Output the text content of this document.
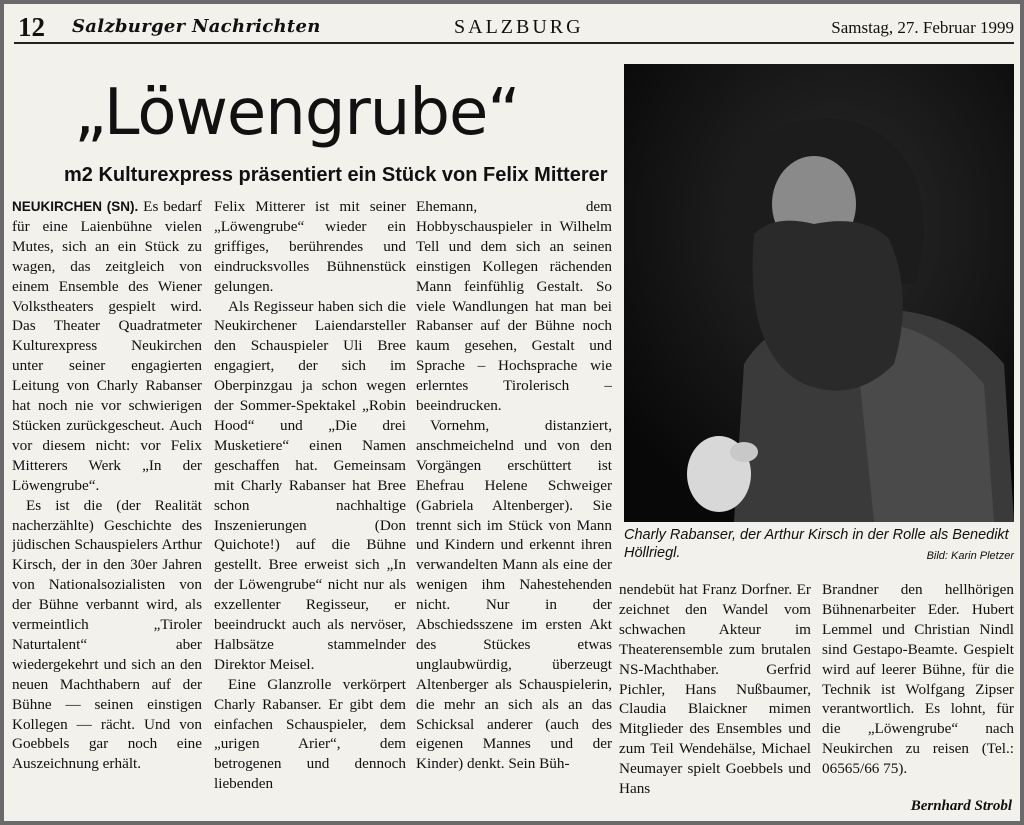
12 Salzburger Nachrichten	SALZBURG	Samstag, 27. Februar 1999
„Löwengrube“
m2 Kulturexpress präsentiert ein Stück von Felix Mitterer

NEUKIRCHEN (SN). Es bedarf für eine Laienbühne vielen Mutes, sich an ein Stück zu wagen, das zeitgleich von einem Ensemble des Wiener Volkstheaters gespielt wird. Das Theater Quadratmeter Kulturexpress Neukirchen unter seiner engagierten Leitung von Charly Rabanser hat noch nie vor schwierigen Stücken zurückgescheut. Auch vor diesem nicht: vor Felix Mitterers Werk „In der Löwengrube“.

Es ist die (der Realität nacherzählte) Geschichte des jüdischen Schauspielers Arthur Kirsch, der in den 30er Jahren von Nationalsozialisten von der Bühne verbannt wird, als vermeintlich „Tiroler Naturtalent“ aber wiedergekehrt und sich an den neuen Machthabern auf der Bühne — seinen einstigen Kollegen — rächt. Und von Goebbels gar noch eine Auszeichnung erhält.

Felix Mitterer ist mit seiner „Löwengrube“ wieder ein griffiges, berührendes und eindrucksvolles Bühnenstück gelungen.

Als Regisseur haben sich die Neukirchener Laiendarsteller den Schauspieler Uli Bree engagiert, der sich im Oberpinzgau ja schon wegen der Sommer-Spektakel „Robin Hood“ und „Die drei Musketiere“ einen Namen geschaffen hat. Gemeinsam mit Charly Rabanser hat Bree schon nachhaltige Inszenierungen (Don Quichote!) auf die Bühne gestellt. Bree erweist sich „In der Löwengrube“ nicht nur als exzellenter Regisseur, er beeindruckt auch als nervöser, Halbsätze stammelnder Direktor Meisel.

Eine Glanzrolle verkörpert Charly Rabanser. Er gibt dem einfachen Schauspieler, dem „urigen Arier“, dem betrogenen und dennoch liebenden

Ehemann, dem Hobbyschauspieler in Wilhelm Tell und dem sich an seinen einstigen Kollegen rächenden Mann feinfühlig Gestalt. So viele Wandlungen hat man bei Rabanser auf der Bühne noch kaum gesehen, Gestalt und Sprache – Hochsprache wie erlerntes Tirolerisch – beeindrucken.

Vornehm, distanziert, anschmeichelnd und von den Vorgängen erschüttert ist Ehefrau Helene Schweiger (Gabriela Altenberger). Sie trennt sich im Stück von Mann und Kindern und erkennt ihren verwandelten Mann als eine der wenigen ihm Nahestehenden nicht. Nur in der Abschiedsszene im ersten Akt des Stückes etwas unglaubwürdig, überzeugt Altenberger als Schauspielerin, die mehr an sich als an das Schicksal anderer (auch des eigenen Mannes und der Kinder) denkt. Sein Büh-

Charly Rabanser, der Arthur Kirsch in der Rolle als Benedikt Höllriegl.	Bild: Karin Pletzer

nendebüt hat Franz Dorfner. Er zeichnet den Wandel vom schwachen Akteur im Theaterensemble zum brutalen NS-Machthaber. Gerfrid Pichler, Hans Nußbaumer, Claudia Blaickner mimen Mitglieder des Ensembles und zum Teil Wendehälse, Michael Neumayer spielt Goebbels und Hans

Brandner den hellhörigen Bühnenarbeiter Eder. Hubert Lemmel und Christian Nindl sind Gestapo-Beamte. Gespielt wird auf leerer Bühne, für die Technik ist Wolfgang Zipser verantwortlich. Es lohnt, für die „Löwengrube“ nach Neukirchen zu reisen (Tel.: 06565/66 75).

Bernhard Strobl
